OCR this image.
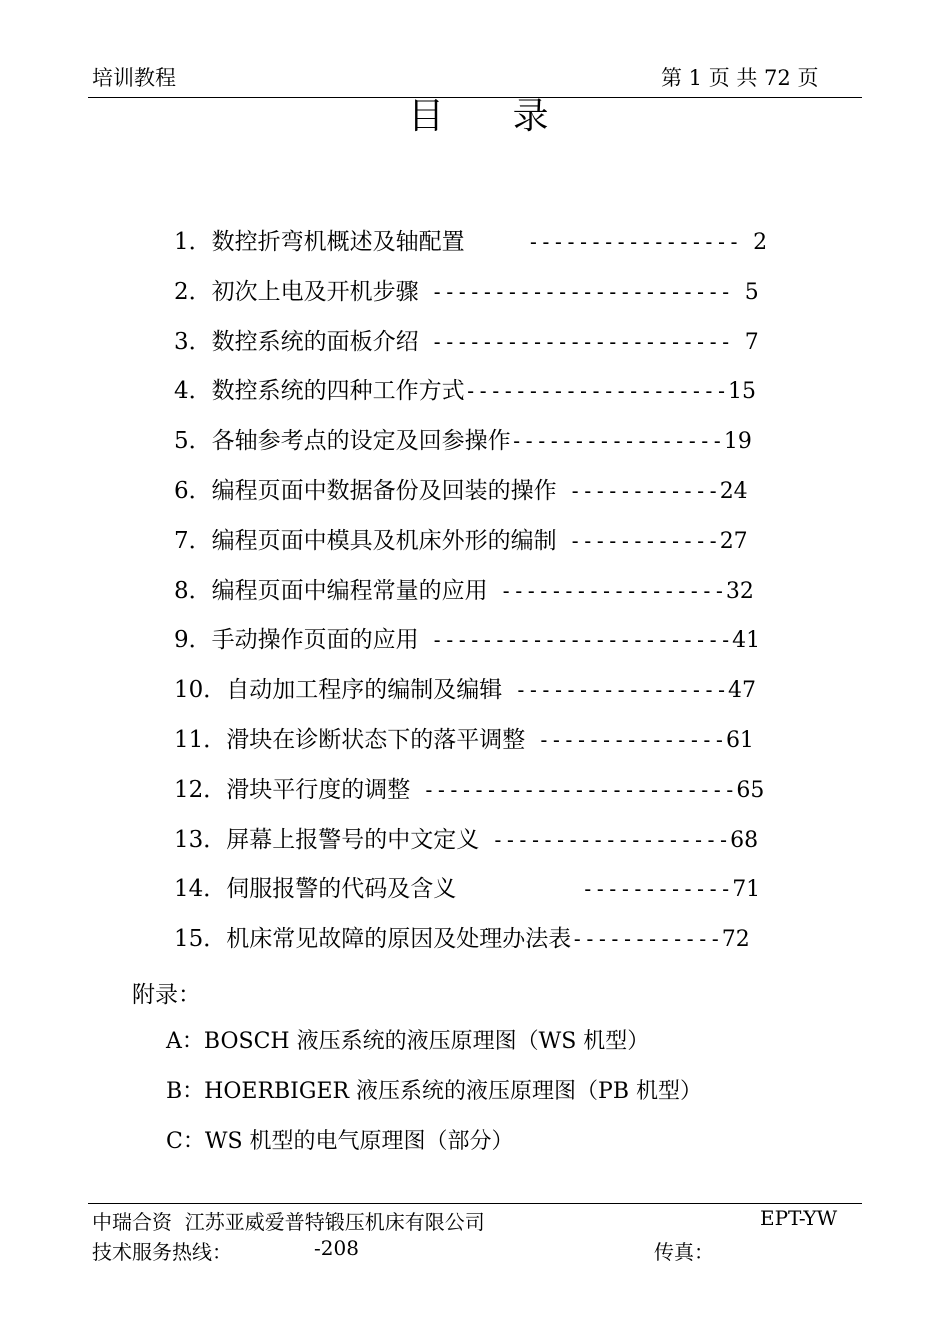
培训教程	第 1 页 共 72 页
目      录
1．数控折弯机概述及轴配置     ----------------- 2
2．初次上电及开机步骤 ------------------------ 5
3．数控系统的面板介绍 ------------------------ 7
4．数控系统的四种工作方式---------------------15
5．各轴参考点的设定及回参操作-----------------19
6．编程页面中数据备份及回装的操作 ------------24
7．编程页面中模具及机床外形的编制 ------------27
8．编程页面中编程常量的应用 ------------------32
9．手动操作页面的应用 ------------------------41
10．自动加工程序的编制及编辑 -----------------47
11．滑块在诊断状态下的落平调整 ---------------61
12．滑块平行度的调整 -------------------------65
13．屏幕上报警号的中文定义 -------------------68
14．伺服报警的代码及含义          ------------71
15．机床常见故障的原因及处理办法表------------72
附录：
A：BOSCH 液压系统的液压原理图（WS 机型）
B：HOERBIGER 液压系统的液压原理图（PB 机型）
C：WS 机型的电气原理图（部分）
中瑞合资  江苏亚威爱普特锻压机床有限公司	EPT-YW
技术服务热线：	-208	传真：
